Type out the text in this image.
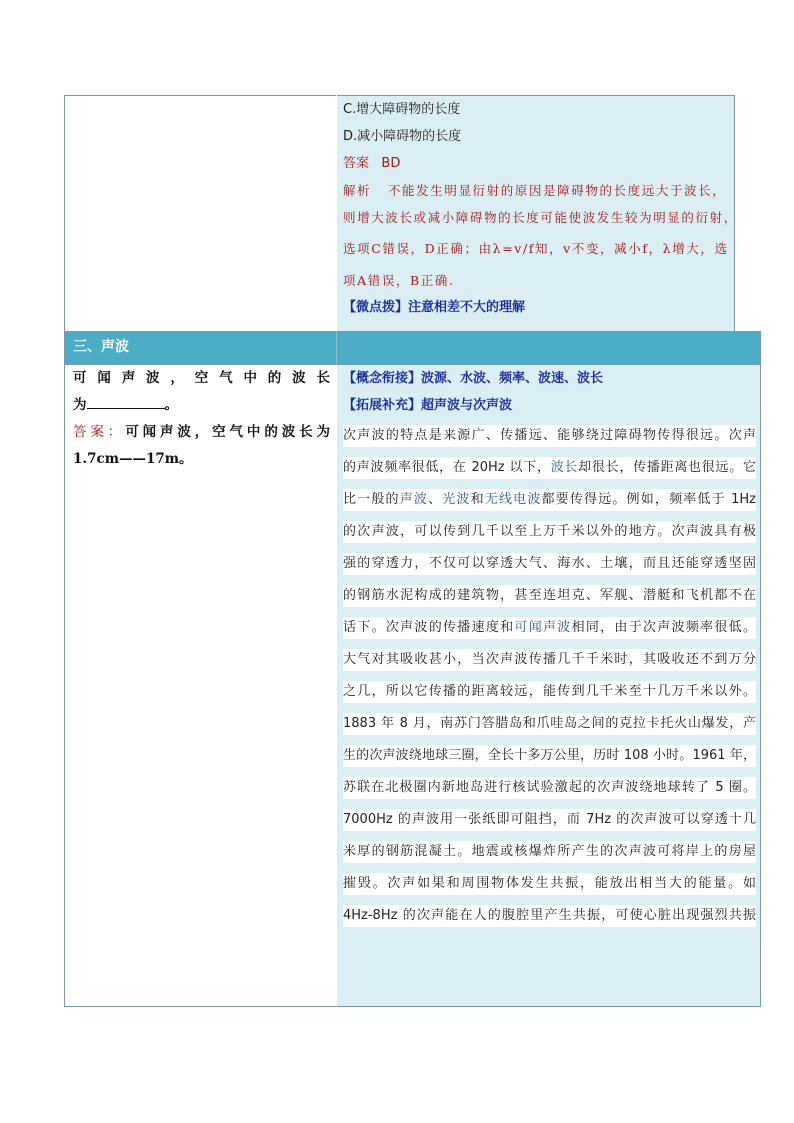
C.增大障碍物的长度
D.减小障碍物的长度
答案 BD
解析 不能发生明显衍射的原因是障碍物的长度远大于波长，
则增大波长或减小障碍物的长度可能使波发生较为明显的衍射，
选项C错误，D正确；由λ=v/f知，v不变，减小f，λ增大，选
项A错误，B正确.
【微点拨】注意相差不大的理解
三、声波
可闻声波，空气中的波长
为	。
答案：可闻声波，空气中的波长为
1.7cm——17m。
【概念衔接】波源、水波、频率、波速、波长
【拓展补充】超声波与次声波
次声波的特点是来源广、传播远、能够绕过障碍物传得很远。次声
的声波频率很低，在 20Hz 以下，波长却很长，传播距离也很远。它
比一般的声波、光波和无线电波都要传得远。例如，频率低于 1Hz
的次声波，可以传到几千以至上万千米以外的地方。次声波具有极
强的穿透力，不仅可以穿透大气、海水、土壤，而且还能穿透坚固
的钢筋水泥构成的建筑物，甚至连坦克、军舰、潜艇和飞机都不在
话下。次声波的传播速度和可闻声波相同，由于次声波频率很低。
大气对其吸收甚小，当次声波传播几千千米时，其吸收还不到万分
之几，所以它传播的距离较远，能传到几千米至十几万千米以外。
1883 年 8 月，南苏门答腊岛和爪哇岛之间的克拉卡托火山爆发，产
生的次声波绕地球三圈，全长十多万公里，历时 108 小时。1961 年，
苏联在北极圈内新地岛进行核试验激起的次声波绕地球转了 5 圈。
7000Hz 的声波用一张纸即可阻挡，而 7Hz 的次声波可以穿透十几
米厚的钢筋混凝土。地震或核爆炸所产生的次声波可将岸上的房屋
摧毁。次声如果和周围物体发生共振，能放出相当大的能量。如
4Hz-8Hz 的次声能在人的腹腔里产生共振，可使心脏出现强烈共振
